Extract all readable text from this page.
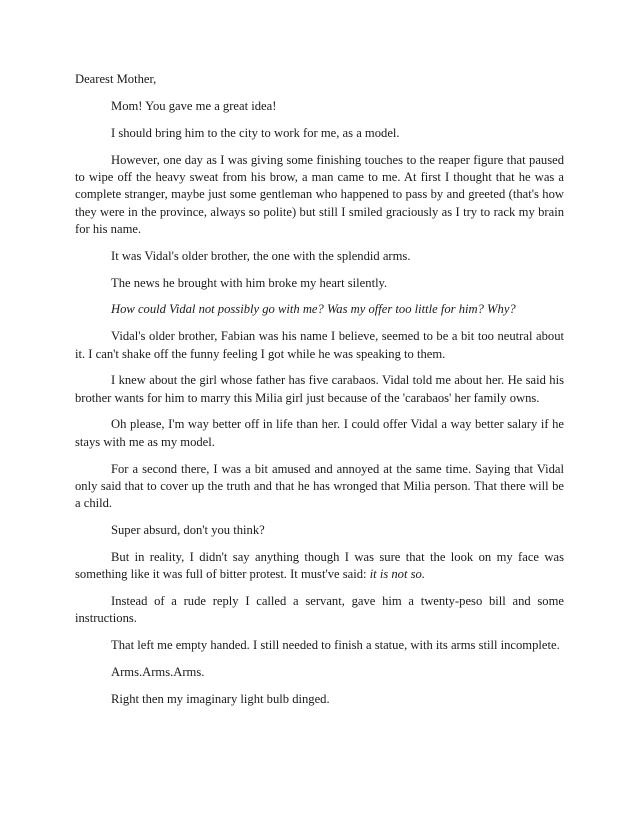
Dearest Mother,

Mom! You gave me a great idea!

I should bring him to the city to work for me, as a model.

However, one day as I was giving some finishing touches to the reaper figure that paused to wipe off the heavy sweat from his brow, a man came to me. At first I thought that he was a complete stranger, maybe just some gentleman who happened to pass by and greeted (that's how they were in the province, always so polite) but still I smiled graciously as I try to rack my brain for his name.

It was Vidal's older brother, the one with the splendid arms.

The news he brought with him broke my heart silently.

How could Vidal not possibly go with me? Was my offer too little for him? Why?

Vidal's older brother, Fabian was his name I believe, seemed to be a bit too neutral about it. I can't shake off the funny feeling I got while he was speaking to them.

I knew about the girl whose father has five carabaos. Vidal told me about her. He said his brother wants for him to marry this Milia girl just because of the 'carabaos' her family owns.

Oh please, I'm way better off in life than her. I could offer Vidal a way better salary if he stays with me as my model.

For a second there, I was a bit amused and annoyed at the same time. Saying that Vidal only said that to cover up the truth and that he has wronged that Milia person. That there will be a child.

Super absurd, don't you think?

But in reality, I didn't say anything though I was sure that the look on my face was something like it was full of bitter protest. It must've said: it is not so.

Instead of a rude reply I called a servant, gave him a twenty-peso bill and some instructions.

That left me empty handed. I still needed to finish a statue, with its arms still incomplete.

Arms.Arms.Arms.

Right then my imaginary light bulb dinged.
